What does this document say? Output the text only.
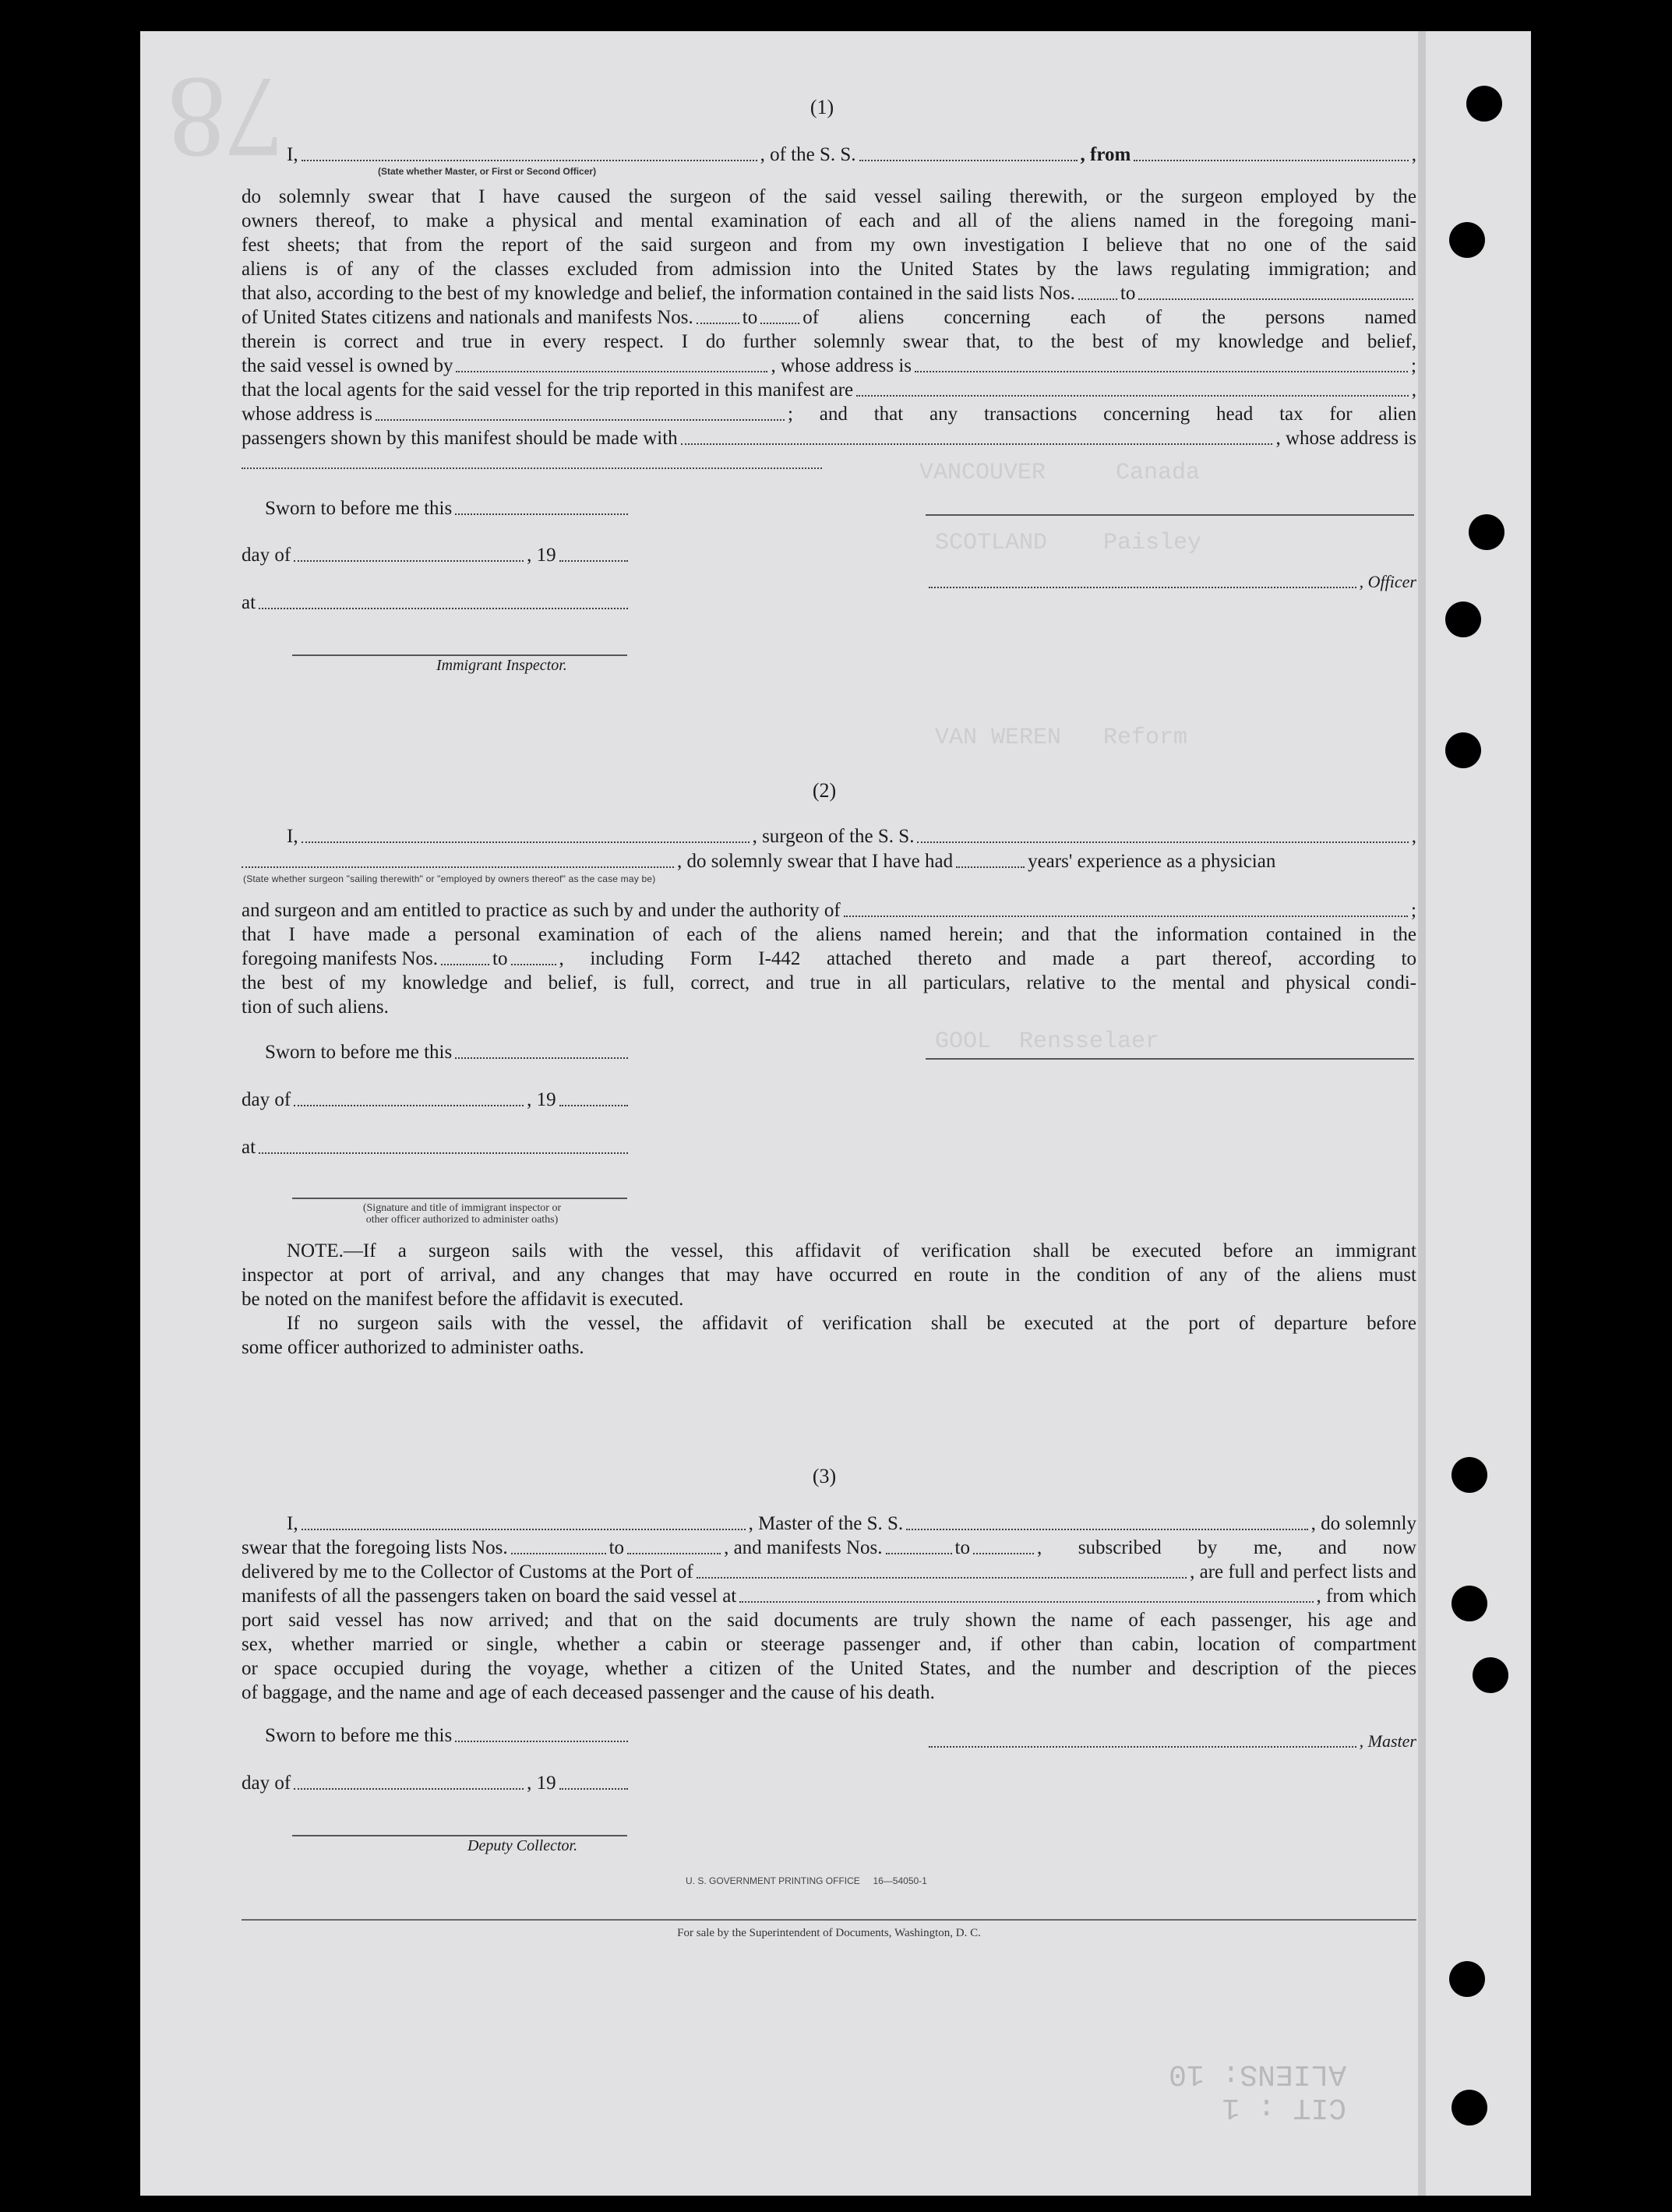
78
VANCOUVER     Canada
SCOTLAND    Paisley
VAN WEREN   Reform
GOOL  Rensselaer
CIT : 1
ALIENS: 10
(1)
I,	, of the S. S.	, from	,
(State whether Master, or First or Second Officer)
do solemnly swear that I have caused the surgeon of the said vessel sailing therewith, or the surgeon employed by the
owners thereof, to make a physical and mental examination of each and all of the aliens named in the foregoing mani-
fest sheets; that from the report of the said surgeon and from my own investigation I believe that no one of the said
aliens is of any of the classes excluded from admission into the United States by the laws regulating immigration; and
that also, according to the best of my knowledge and belief, the information contained in the said lists Nos. to
of United States citizens and nationals and manifests Nos.	to of aliens concerning each of the persons named
therein is correct and true in every respect. I do further solemnly swear that, to the best of my knowledge and belief,
the said vessel is owned by	, whose address is	;
that the local agents for the said vessel for the trip reported in this manifest are	,
whose address is	; and that any transactions concerning head tax for alien
passengers shown by this manifest should be made with	, whose address is
Sworn to before me this
day of	, 19
, Officer
at
Immigrant Inspector.
(2)
I,	, surgeon of the S. S.	,
, do solemnly swear that I have had	years' experience as a physician
(State whether surgeon "sailing therewith" or "employed by owners thereof" as the case may be)
and surgeon and am entitled to practice as such by and under the authority of	;
that I have made a personal examination of each of the aliens named herein; and that the information contained in the
foregoing manifests Nos.	to	, including Form I-442 attached thereto and made a part thereof, according to
the best of my knowledge and belief, is full, correct, and true in all particulars, relative to the mental and physical condi-
tion of such aliens.
Sworn to before me this
day of	, 19
at
(Signature and title of immigrant inspector or
other officer authorized to administer oaths)
NOTE.—If a surgeon sails with the vessel, this affidavit of verification shall be executed before an immigrant
inspector at port of arrival, and any changes that may have occurred en route in the condition of any of the aliens must
be noted on the manifest before the affidavit is executed.
If no surgeon sails with the vessel, the affidavit of verification shall be executed at the port of departure before
some officer authorized to administer oaths.
(3)
I,	, Master of the S. S.	, do solemnly
swear that the foregoing lists Nos.	to	, and manifests Nos.	to	, subscribed by me, and now
delivered by me to the Collector of Customs at the Port of	, are full and perfect lists and
manifests of all the passengers taken on board the said vessel at	, from which
port said vessel has now arrived; and that on the said documents are truly shown the name of each passenger, his age and
sex, whether married or single, whether a cabin or steerage passenger and, if other than cabin, location of compartment
or space occupied during the voyage, whether a citizen of the United States, and the number and description of the pieces
of baggage, and the name and age of each deceased passenger and the cause of his death.
Sworn to before me this	, Master
day of	, 19
Deputy Collector.
U. S. GOVERNMENT PRINTING OFFICE     16—54050-1
For sale by the Superintendent of Documents, Washington, D. C.
